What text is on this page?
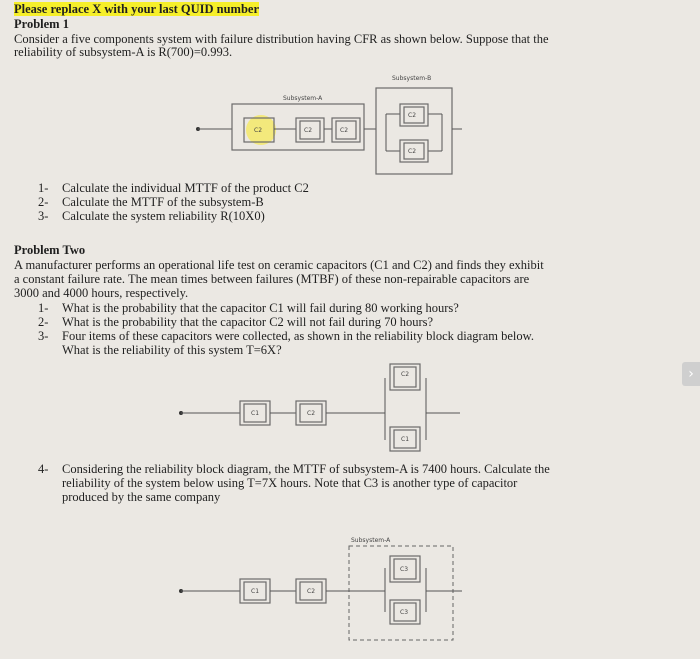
Please replace X with your last QUID number
Problem 1
Consider a five components system with failure distribution having CFR as shown below. Suppose that the
reliability of subsystem-A is R(700)=0.993.
Subsystem-A
C2	C2	C2
Subsystem-B
C2
C2
C1	C2
C2
C1
Subsystem-A
C1	C2
C3
C3
1- Calculate the individual MTTF of the product C2
2- Calculate the MTTF of the subsystem-B
3- Calculate the system reliability R(10X0)
Problem Two
A manufacturer performs an operational life test on ceramic capacitors (C1 and C2) and finds they exhibit
a constant failure rate. The mean times between failures (MTBF) of these non-repairable capacitors are
3000 and 4000 hours, respectively.
1- What is the probability that the capacitor C1 will fail during 80 working hours?
2- What is the probability that the capacitor C2 will not fail during 70 hours?
3- Four items of these capacitors were collected, as shown in the reliability block diagram below.
What is the reliability of this system T=6X?
4- Considering the reliability block diagram, the MTTF of subsystem-A is 7400 hours. Calculate the
reliability of the system below using T=7X hours. Note that C3 is another type of capacitor
produced by the same company
›
